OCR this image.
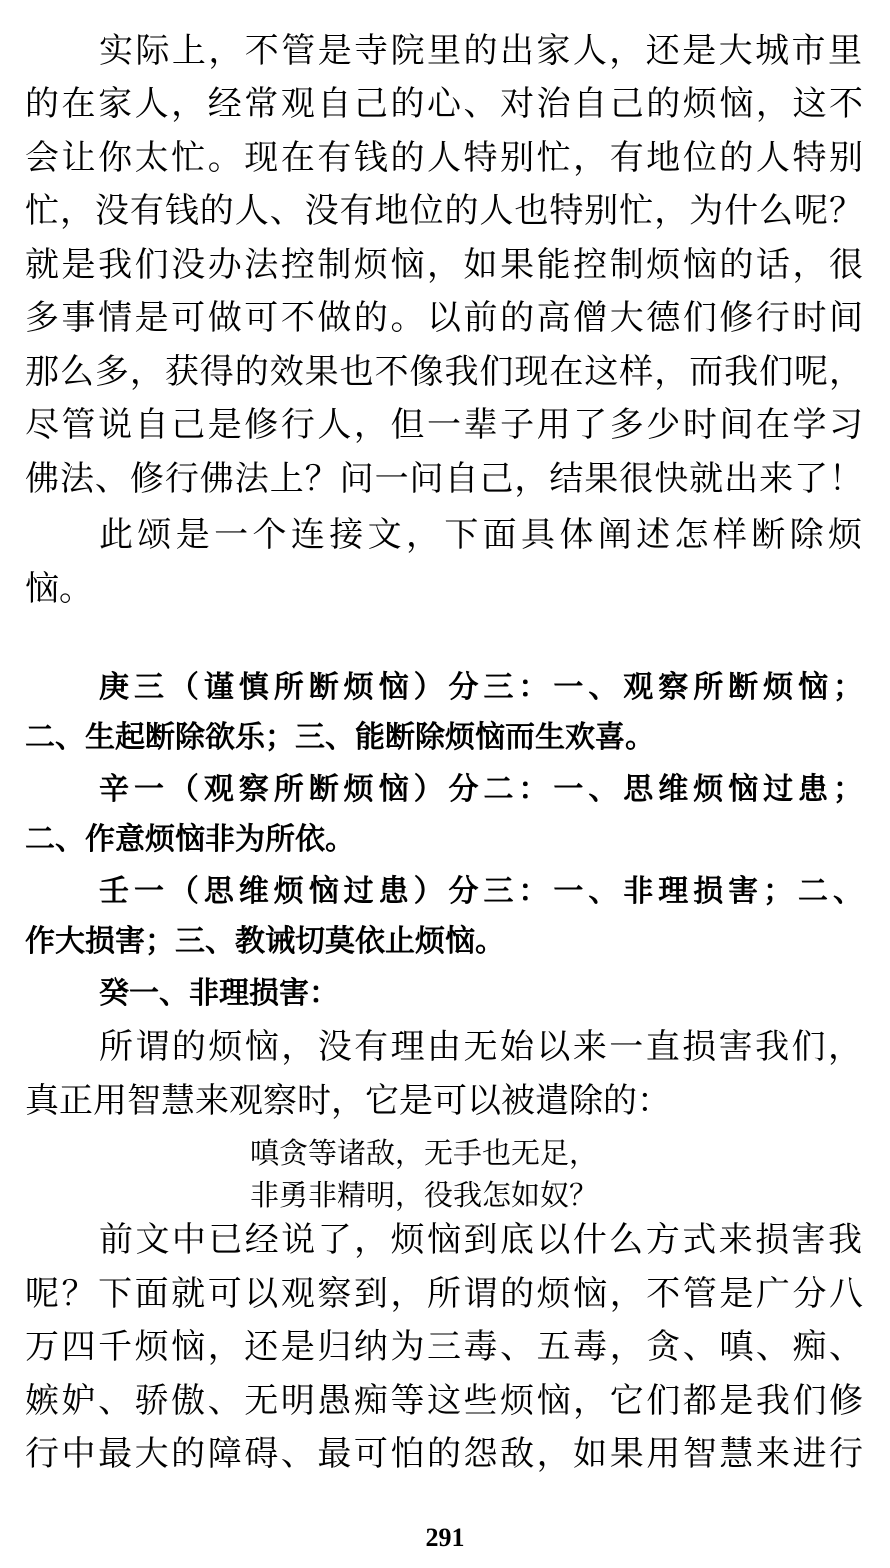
实际上，不管是寺院里的出家人，还是大城市里
的在家人，经常观自己的心、对治自己的烦恼，这不
会让你太忙。现在有钱的人特别忙，有地位的人特别
忙，没有钱的人、没有地位的人也特别忙，为什么呢？
就是我们没办法控制烦恼，如果能控制烦恼的话，很
多事情是可做可不做的。以前的高僧大德们修行时间
那么多，获得的效果也不像我们现在这样，而我们呢，
尽管说自己是修行人，但一辈子用了多少时间在学习
佛法、修行佛法上？问一问自己，结果很快就出来了！
此颂是一个连接文，下面具体阐述怎样断除烦
恼。
庚三（谨慎所断烦恼）分三：一、观察所断烦恼；
二、生起断除欲乐；三、能断除烦恼而生欢喜。
辛一（观察所断烦恼）分二：一、思维烦恼过患；
二、作意烦恼非为所依。
壬一（思维烦恼过患）分三：一、非理损害；二、
作大损害；三、教诫切莫依止烦恼。
癸一、非理损害：
所谓的烦恼，没有理由无始以来一直损害我们，
真正用智慧来观察时，它是可以被遣除的：
嗔贪等诸敌，无手也无足，
非勇非精明，役我怎如奴？
前文中已经说了，烦恼到底以什么方式来损害我
呢？下面就可以观察到，所谓的烦恼，不管是广分八
万四千烦恼，还是归纳为三毒、五毒，贪、嗔、痴、
嫉妒、骄傲、无明愚痴等这些烦恼，它们都是我们修
行中最大的障碍、最可怕的怨敌，如果用智慧来进行
291
